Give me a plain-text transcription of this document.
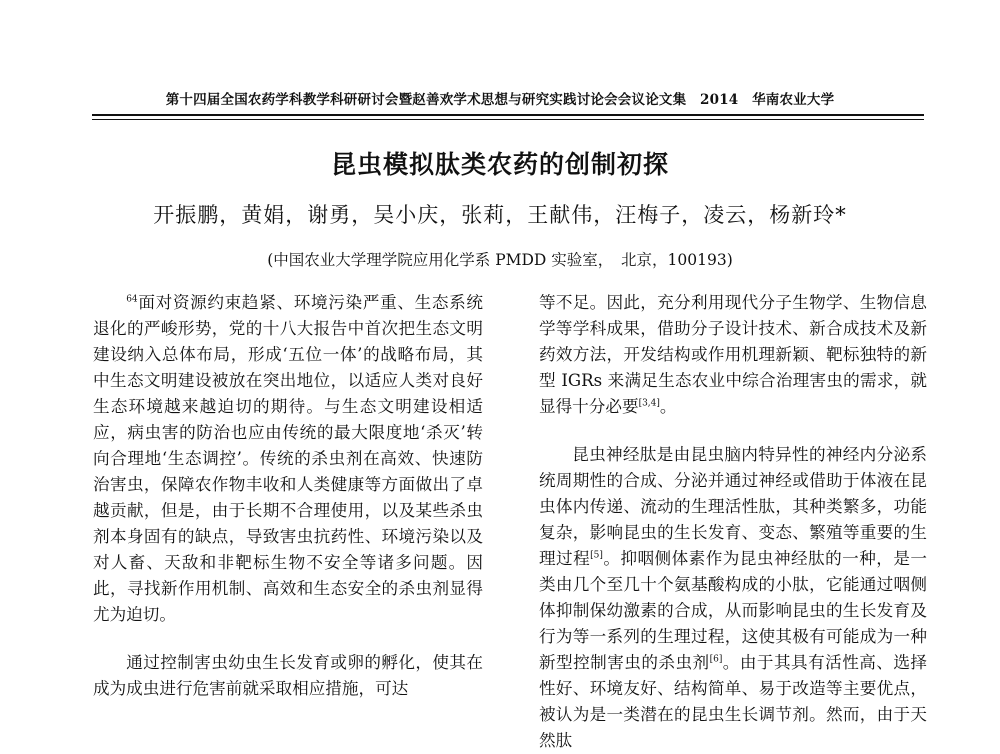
第十四届全国农药学科教学科研研讨会暨赵善欢学术思想与研究实践讨论会会议论文集　2014　华南农业大学
昆虫模拟肽类农药的创制初探
开振鹏，黄娟，谢勇，吴小庆，张莉，王献伟，汪梅子，凌云，杨新玲*
(中国农业大学理学院应用化学系 PMDD 实验室，　北京，100193)

$^{64}$面对资源约束趋紧、环境污染严重、生态系统退化的严峻形势，党的十八大报告中首次把生态文明建设纳入总体布局，形成‘五位一体’的战略布局，其中生态文明建设被放在突出地位，以适应人类对良好生态环境越来越迫切的期待。与生态文明建设相适应，病虫害的防治也应由传统的最大限度地‘杀灭’转向合理地‘生态调控’。传统的杀虫剂在高效、快速防治害虫，保障农作物丰收和人类健康等方面做出了卓越贡献，但是，由于长期不合理使用，以及某些杀虫剂本身固有的缺点，导致害虫抗药性、环境污染以及对人畜、天敌和非靶标生物不安全等诸多问题。因此，寻找新作用机制、高效和生态安全的杀虫剂显得尤为迫切。

通过控制害虫幼虫生长发育或卵的孵化，使其在成为成虫进行危害前就采取相应措施，可达

等不足。因此，充分利用现代分子生物学、生物信息学等学科成果，借助分子设计技术、新合成技术及新药效方法，开发结构或作用机理新颖、靶标独特的新型 IGRs 来满足生态农业中综合治理害虫的需求，就显得十分必要[3,4]。

昆虫神经肽是由昆虫脑内特异性的神经内分泌系统周期性的合成、分泌并通过神经或借助于体液在昆虫体内传递、流动的生理活性肽，其种类繁多，功能复杂，影响昆虫的生长发育、变态、繁殖等重要的生理过程[5]。抑咽侧体素作为昆虫神经肽的一种，是一类由几个至几十个氨基酸构成的小肽，它能通过咽侧体抑制保幼激素的合成，从而影响昆虫的生长发育及行为等一系列的生理过程，这使其极有可能成为一种新型控制害虫的杀虫剂[6]。由于其具有活性高、选择性好、环境友好、结构简单、易于改造等主要优点，被认为是一类潜在的昆虫生长调节剂。然而，由于天然肽
